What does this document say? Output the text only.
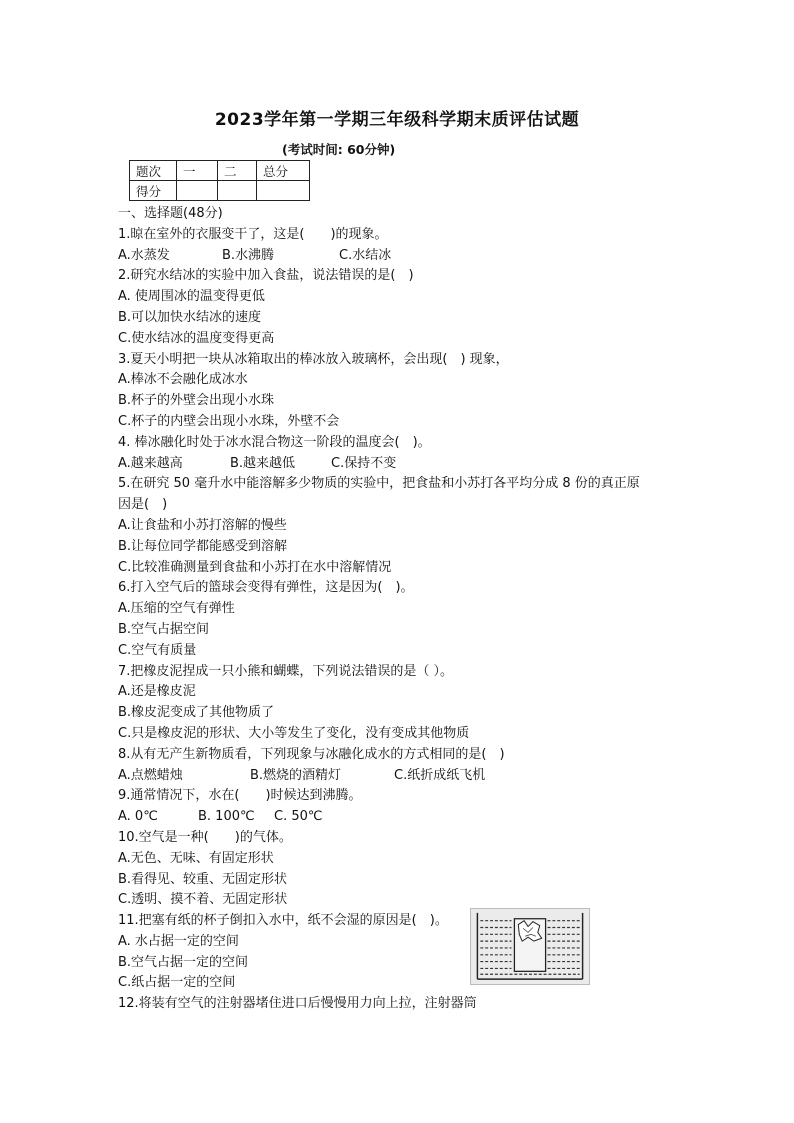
2023学年第一学期三年级科学期末质评估试题
(考试时间: 60分钟)
题次	一	二	总分
得分			
一、选择题(48分)
1.晾在室外的衣服变干了，这是(　　)的现象。
A.水蒸发	B.水沸腾	C.水结冰
2.研究水结冰的实验中加入食盐，说法错误的是(　)
A. 使周围冰的温变得更低
B.可以加快水结冰的速度
C.使水结冰的温度变得更高
3.夏天小明把一块从冰箱取出的棒冰放入玻璃杯，会出现(　) 现象，
A.棒冰不会融化成冰水
B.杯子的外壁会出现小水珠
C.杯子的内壁会出现小水珠，外壁不会
4. 棒冰融化时处于冰水混合物这一阶段的温度会(　)。
A.越来越高	B.越来越低	C.保持不变
5.在研究 50 毫升水中能溶解多少物质的实验中，把食盐和小苏打各平均分成 8 份的真正原
因是(　)
A.让食盐和小苏打溶解的慢些
B.让每位同学都能感受到溶解
C.比较准确测量到食盐和小苏打在水中溶解情况
6.打入空气后的篮球会变得有弹性，这是因为(　)。
A.压缩的空气有弹性
B.空气占据空间
C.空气有质量
7.把橡皮泥捏成一只小熊和蝴蝶，下列说法错误的是（ ）。
A.还是橡皮泥
B.橡皮泥变成了其他物质了
C.只是橡皮泥的形状、大小等发生了变化，没有变成其他物质
8.从有无产生新物质看，下列现象与冰融化成水的方式相同的是(　)
A.点燃蜡烛	B.燃烧的酒精灯	C.纸折成纸飞机
9.通常情况下，水在(　　)时候达到沸腾。
A. 0℃	B. 100℃	C. 50℃
10.空气是一种(　　)的气体。
A.无色、无味、有固定形状
B.看得见、较重、无固定形状
C.透明、摸不着、无固定形状
11.把塞有纸的杯子倒扣入水中，纸不会湿的原因是(　)。
A. 水占据一定的空间
B.空气占据一定的空间
C.纸占据一定的空间
12.将装有空气的注射器堵住进口后慢慢用力向上拉，注射器筒
